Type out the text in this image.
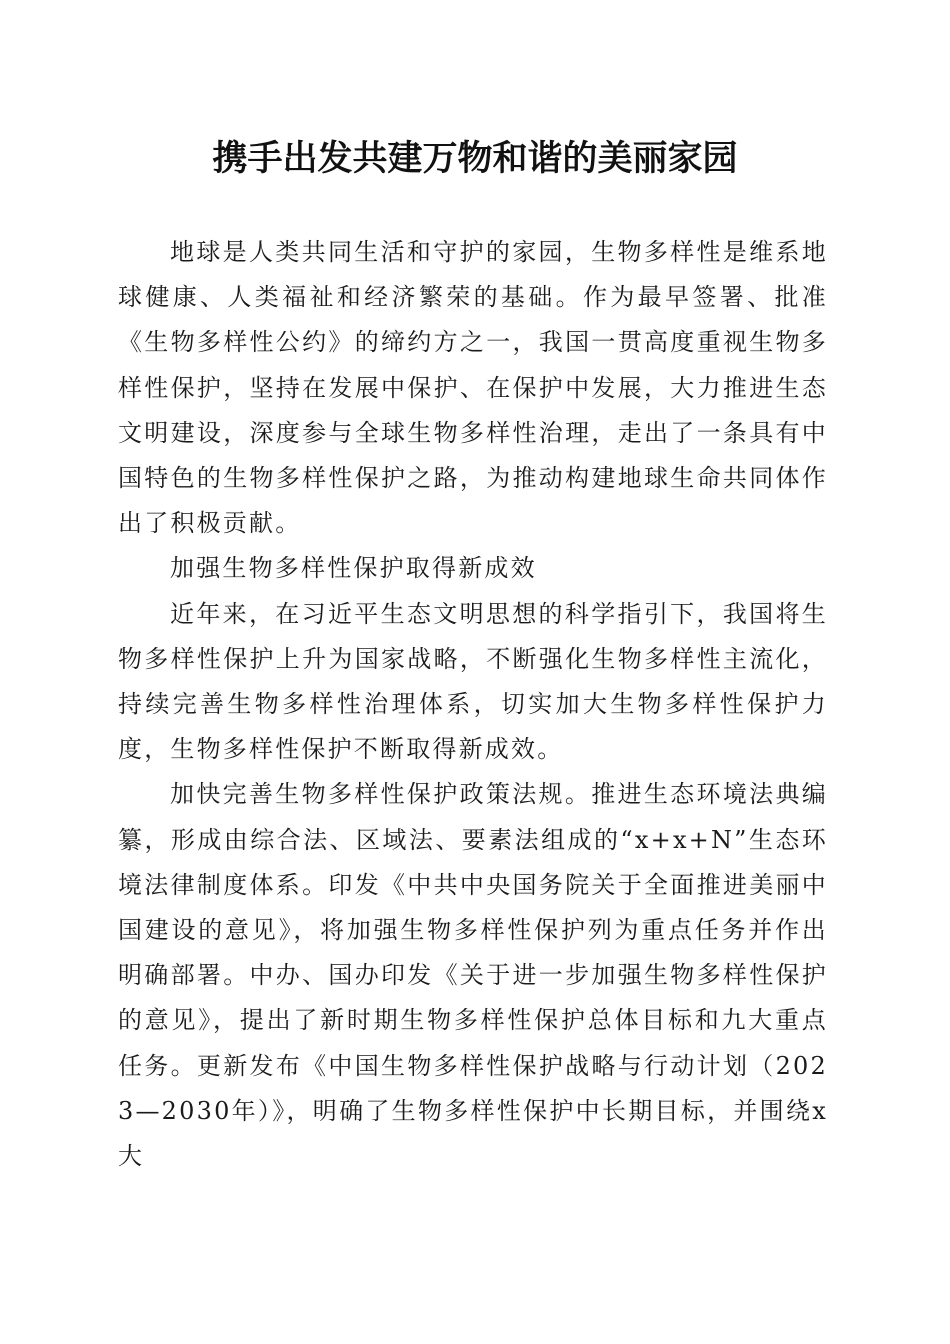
携手出发共建万物和谐的美丽家园

地球是人类共同生活和守护的家园，生物多样性是维系地球健康、人类福祉和经济繁荣的基础。作为最早签署、批准《生物多样性公约》的缔约方之一，我国一贯高度重视生物多样性保护，坚持在发展中保护、在保护中发展，大力推进生态文明建设，深度参与全球生物多样性治理，走出了一条具有中国特色的生物多样性保护之路，为推动构建地球生命共同体作出了积极贡献。

加强生物多样性保护取得新成效

近年来，在习近平生态文明思想的科学指引下，我国将生物多样性保护上升为国家战略，不断强化生物多样性主流化，持续完善生物多样性治理体系，切实加大生物多样性保护力度，生物多样性保护不断取得新成效。

加快完善生物多样性保护政策法规。推进生态环境法典编纂，形成由综合法、区域法、要素法组成的“x+x+N”生态环境法律制度体系。印发《中共中央国务院关于全面推进美丽中国建设的意见》，将加强生物多样性保护列为重点任务并作出明确部署。中办、国办印发《关于进一步加强生物多样性保护的意见》，提出了新时期生物多样性保护总体目标和九大重点任务。更新发布《中国生物多样性保护战略与行动计划（2023—2030年）》，明确了生物多样性保护中长期目标，并围绕x大
